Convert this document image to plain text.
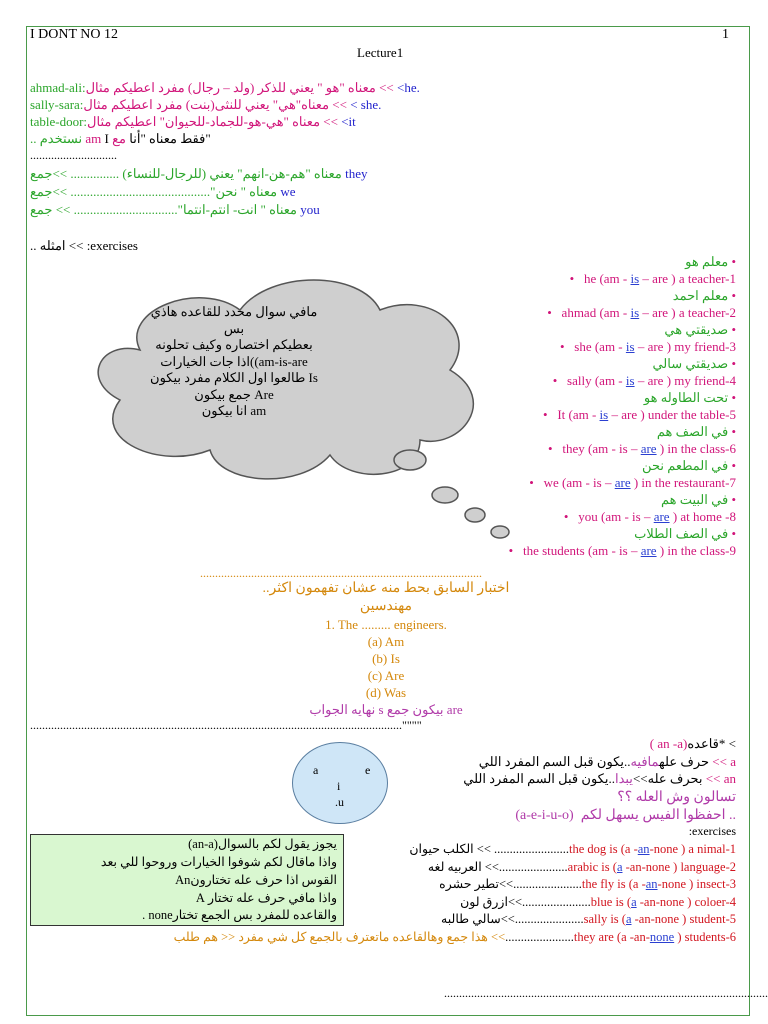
I DONT NO 12	1
Lecture1
ahmad-ali:معناه "هو " يعني للذكر (ولد – رجال) مفرد اعطيكم مثال << <he.
sally-sara:معناه"هي" يعني للنثى(بنت) مفرد اعطيكم مثال << < she.
table-door:معناه "هي-هو-للجماد-للحيوان" اعطيكم مثال << <it
"فقط معناه "أنا مع am I نستخدم ..
.............................
معناه "هم-هن-انهم" يعني (للرجال-للنساء) ............... >>جمع they
معناه " نحن"........................................... >>جمع we
معناه " انت- انتم-انتما"................................ >> جمع you
.. امثله << :exercises
مافي سوال محدد للقاعده هاذي
بس
بعطيكم اختصاره وكيف تحلونه
اذا جات الخيارات((am-is-are
طالعوا اول الكلام مفرد بيكون Is
جمع بيكون Are
انا بيكون am
معلم هو •
• he (am - is – are ) a teacher-1
معلم احمد •
• ahmad (am - is – are ) a teacher-2
صديقتي هي •
• she (am - is – are ) my friend-3
صديقتي سالي •
• sally (am - is – are ) my friend-4
تحت الطاوله هو •
• It (am - is – are ) under the table-5
في الصف هم •
• they (am - is – are ) in the class-6
في المطعم نحن •
• we (am - is – are ) in the restaurant-7
في البيت هم •
• you (am - is – are ) at home -8
في الصف الطلاب •
• the students (am - is – are ) in the class-9
..............................................................................................
..اختبار السابق بحط منه عشان تفهمون اكثر
مهندسين
1. The ......... engineers.
(a) Am
(b) Is
(c) Are
(d) Was
نهايه الجواب s بيكون جمع are
............................................................................................................................""""
( an -a)قاعده* <
حرف علهمافيه..يكون قبل السم المفرد اللي << a
بحرف عله>>يبدا..يكون قبل السم المفرد اللي << an
تسالون وش العله ؟؟
(a-e-i-u-o) احفظوا الفيس يسهل لكم ..
a	e
i
.u
يجوز يقول لكم بالسوال(an-a)
واذا ماقال لكم شوفوا الخيارات وروحوا للي بعد
القوس اذا حرف عله تختارونAn
واذا مافي حرف عله تختار A
والقاعده للمفرد بس الجمع تختارnone .
:exercises
الكلب حيوان << ........................the dog is (a -an-none ) a nimal-1
العربيه لغه <<......................arabic is (a -an-none ) language-2
تطير حشره<<......................the fly is (a -an-none ) insect-3
ازرق لون<<......................blue is (a -an-none ) coloer-4
سالي طالبه<<......................sally is (a -an-none ) student-5
هذا جمع وهالقاعده ماتعترف بالجمع كل شي مفرد << هم طلب <<......................they are (a -an-none ) students-6
............................................................................................................
